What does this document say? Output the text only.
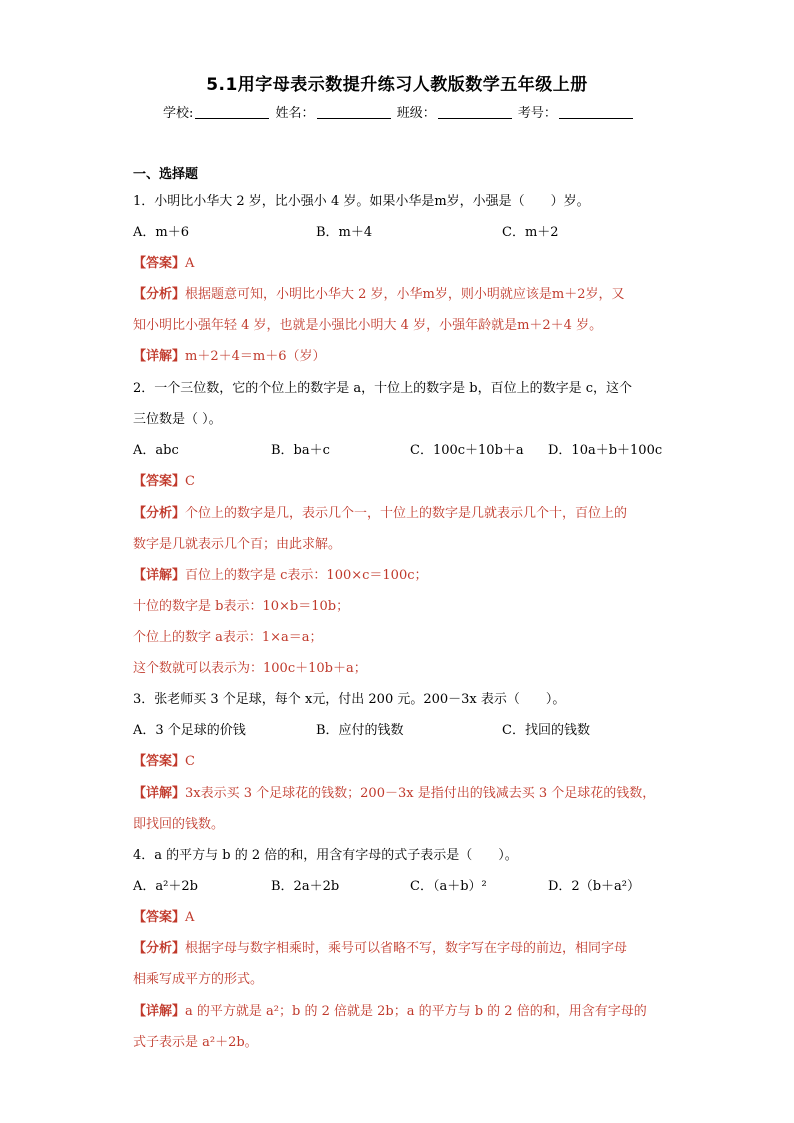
5.1用字母表示数提升练习人教版数学五年级上册
学校:	姓名：	班级：	考号：
一、选择题
1．小明比小华大 2 岁，比小强小 4 岁。如果小华是m岁，小强是（　　）岁。
A．m＋6	B．m＋4	C．m＋2
【答案】A
【分析】根据题意可知，小明比小华大 2 岁，小华m岁，则小明就应该是m＋2岁，又
知小明比小强年轻 4 岁，也就是小强比小明大 4 岁，小强年龄就是m＋2＋4 岁。
【详解】m＋2＋4＝m＋6（岁）
2．一个三位数，它的个位上的数字是 a，十位上的数字是 b，百位上的数字是 c，这个
三位数是（ ）。
A．abc	B．ba＋c	C．100c＋10b＋a D．10a＋b＋100c
【答案】C
【分析】个位上的数字是几，表示几个一，十位上的数字是几就表示几个十，百位上的
数字是几就表示几个百；由此求解。
【详解】百位上的数字是 c表示：100×c＝100c；
十位的数字是 b表示：10×b＝10b；
个位上的数字 a表示：1×a＝a；
这个数就可以表示为：100c＋10b＋a；
3．张老师买 3 个足球，每个 x元，付出 200 元。200－3x 表示（　　）。
A．3 个足球的价钱	B．应付的钱数	C．找回的钱数
【答案】C
【详解】3x表示买 3 个足球花的钱数；200－3x 是指付出的钱减去买 3 个足球花的钱数，
即找回的钱数。
4．a 的平方与 b 的 2 倍的和，用含有字母的式子表示是（　　）。
A．a²＋2b	B．2a＋2b	C．（a＋b）²	D．2（b＋a²）
【答案】A
【分析】根据字母与数字相乘时，乘号可以省略不写，数字写在字母的前边，相同字母
相乘写成平方的形式。
【详解】a 的平方就是 a²；b 的 2 倍就是 2b；a 的平方与 b 的 2 倍的和，用含有字母的
式子表示是 a²＋2b。
